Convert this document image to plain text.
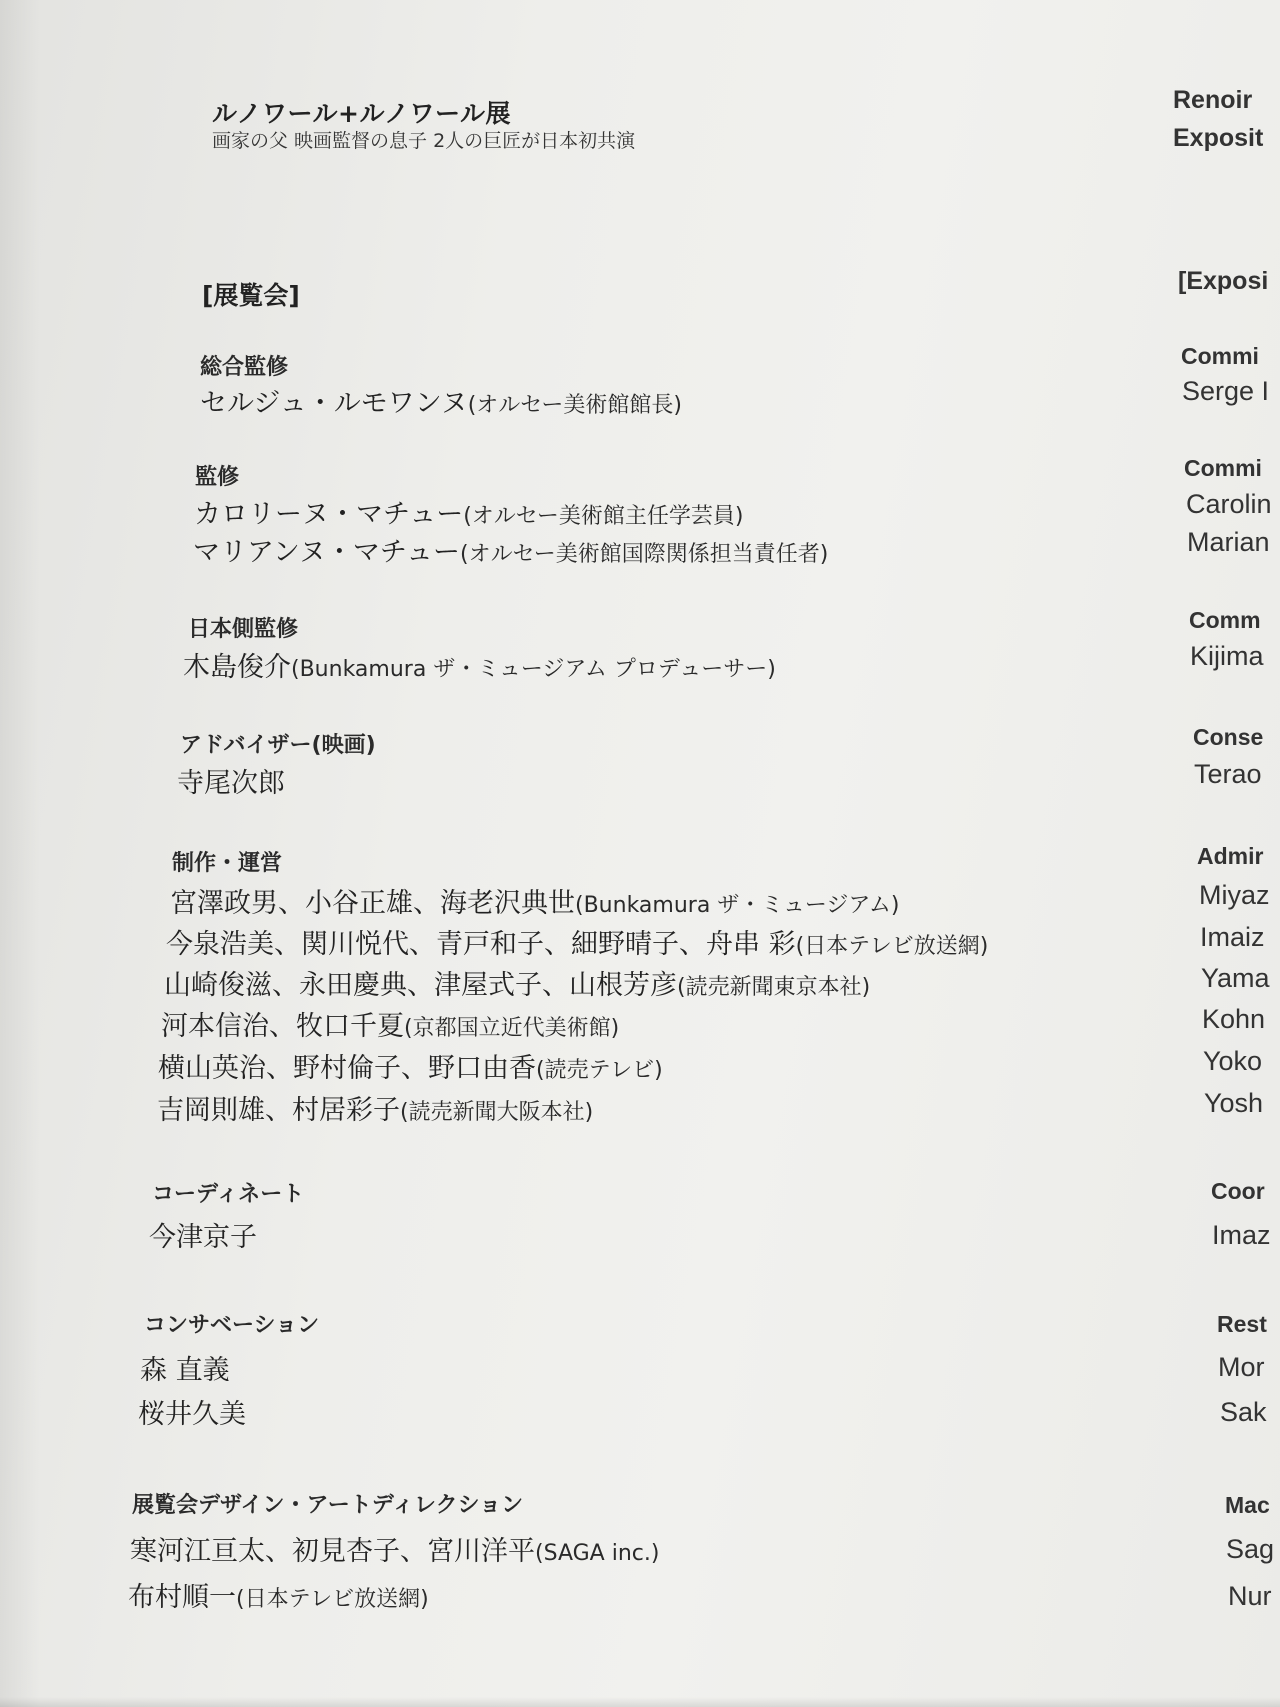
ルノワール+ルノワール展
画家の父 映画監督の息子 2人の巨匠が日本初共演
[展覧会]
総合監修
セルジュ・ルモワンヌ(オルセー美術館館長)
監修
カロリーヌ・マチュー(オルセー美術館主任学芸員)
マリアンヌ・マチュー(オルセー美術館国際関係担当責任者)
日本側監修
木島俊介(Bunkamura ザ・ミュージアム プロデューサー)
アドバイザー(映画)
寺尾次郎
制作・運営
宮澤政男、小谷正雄、海老沢典世(Bunkamura ザ・ミュージアム)
今泉浩美、関川悦代、青戸和子、細野晴子、舟串 彩(日本テレビ放送網)
山崎俊滋、永田慶典、津屋式子、山根芳彦(読売新聞東京本社)
河本信治、牧口千夏(京都国立近代美術館)
横山英治、野村倫子、野口由香(読売テレビ)
吉岡則雄、村居彩子(読売新聞大阪本社)
コーディネート
今津京子
コンサベーション
森 直義
桜井久美
展覧会デザイン・アートディレクション
寒河江亘太、初見杏子、宮川洋平(SAGA inc.)
布村順一(日本テレビ放送網)
Renoir
Exposit
[Exposi
Commi
Serge I
Commi
Carolin
Marian
Comm
Kijima
Conse
Terao
Admir
Miyaz
Imaiz
Yama
Kohn
Yoko
Yosh
Coor
Imaz
Rest
Mor
Sak
Mac
Sag
Nur
